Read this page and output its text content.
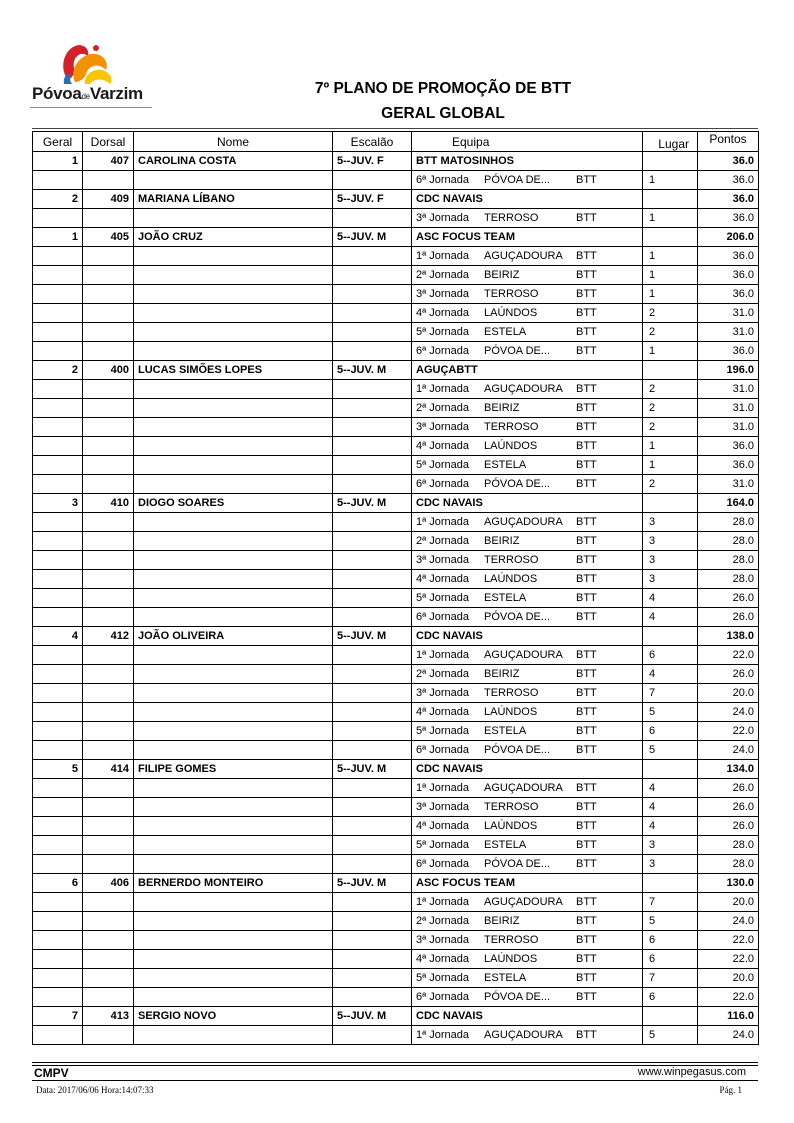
PóvoadeVarzim	7º PLANO DE PROMOÇÃO DE BTT
GERAL GLOBAL
Geral	Dorsal	Nome	Escalão	Equipa	Lugar	Pontos
1	407	CAROLINA COSTA	5--JUV. F	BTT MATOSINHOS		36.0

				6ª Jornada PÓVOA DE... BTT	1	36.0
2	409	MARIANA LÍBANO	5--JUV. F	CDC NAVAIS		36.0

				3ª Jornada TERROSO BTT	1	36.0
1	405	JOÃO CRUZ	5--JUV. M	ASC FOCUS TEAM		206.0

				1ª Jornada AGUÇADOURA BTT	1	36.0

				2ª Jornada BEIRIZ BTT	1	36.0

				3ª Jornada TERROSO BTT	1	36.0

				4ª Jornada LAÚNDOS BTT	2	31.0

				5ª Jornada ESTELA BTT	2	31.0

				6ª Jornada PÓVOA DE... BTT	1	36.0
2	400	LUCAS SIMÕES LOPES	5--JUV. M	AGUÇABTT		196.0

				1ª Jornada AGUÇADOURA BTT	2	31.0

				2ª Jornada BEIRIZ BTT	2	31.0

				3ª Jornada TERROSO BTT	2	31.0

				4ª Jornada LAÚNDOS BTT	1	36.0

				5ª Jornada ESTELA BTT	1	36.0

				6ª Jornada PÓVOA DE... BTT	2	31.0
3	410	DIOGO SOARES	5--JUV. M	CDC NAVAIS		164.0

				1ª Jornada AGUÇADOURA BTT	3	28.0

				2ª Jornada BEIRIZ BTT	3	28.0

				3ª Jornada TERROSO BTT	3	28.0

				4ª Jornada LAÚNDOS BTT	3	28.0

				5ª Jornada ESTELA BTT	4	26.0

				6ª Jornada PÓVOA DE... BTT	4	26.0
4	412	JOÃO OLIVEIRA	5--JUV. M	CDC NAVAIS		138.0

				1ª Jornada AGUÇADOURA BTT	6	22.0

				2ª Jornada BEIRIZ BTT	4	26.0

				3ª Jornada TERROSO BTT	7	20.0

				4ª Jornada LAÚNDOS BTT	5	24.0

				5ª Jornada ESTELA BTT	6	22.0

				6ª Jornada PÓVOA DE... BTT	5	24.0
5	414	FILIPE GOMES	5--JUV. M	CDC NAVAIS		134.0

				1ª Jornada AGUÇADOURA BTT	4	26.0

				3ª Jornada TERROSO BTT	4	26.0

				4ª Jornada LAÚNDOS BTT	4	26.0

				5ª Jornada ESTELA BTT	3	28.0

				6ª Jornada PÓVOA DE... BTT	3	28.0
6	406	BERNERDO MONTEIRO	5--JUV. M	ASC FOCUS TEAM		130.0

				1ª Jornada AGUÇADOURA BTT	7	20.0

				2ª Jornada BEIRIZ BTT	5	24.0

				3ª Jornada TERROSO BTT	6	22.0

				4ª Jornada LAÚNDOS BTT	6	22.0

				5ª Jornada ESTELA BTT	7	20.0

				6ª Jornada PÓVOA DE... BTT	6	22.0
7	413	SERGIO NOVO	5--JUV. M	CDC NAVAIS		116.0

				1ª Jornada AGUÇADOURA BTT	5	24.0
CMPV	www.winpegasus.com
Data: 2017/06/06 Hora:14:07:33	Pág. 1
